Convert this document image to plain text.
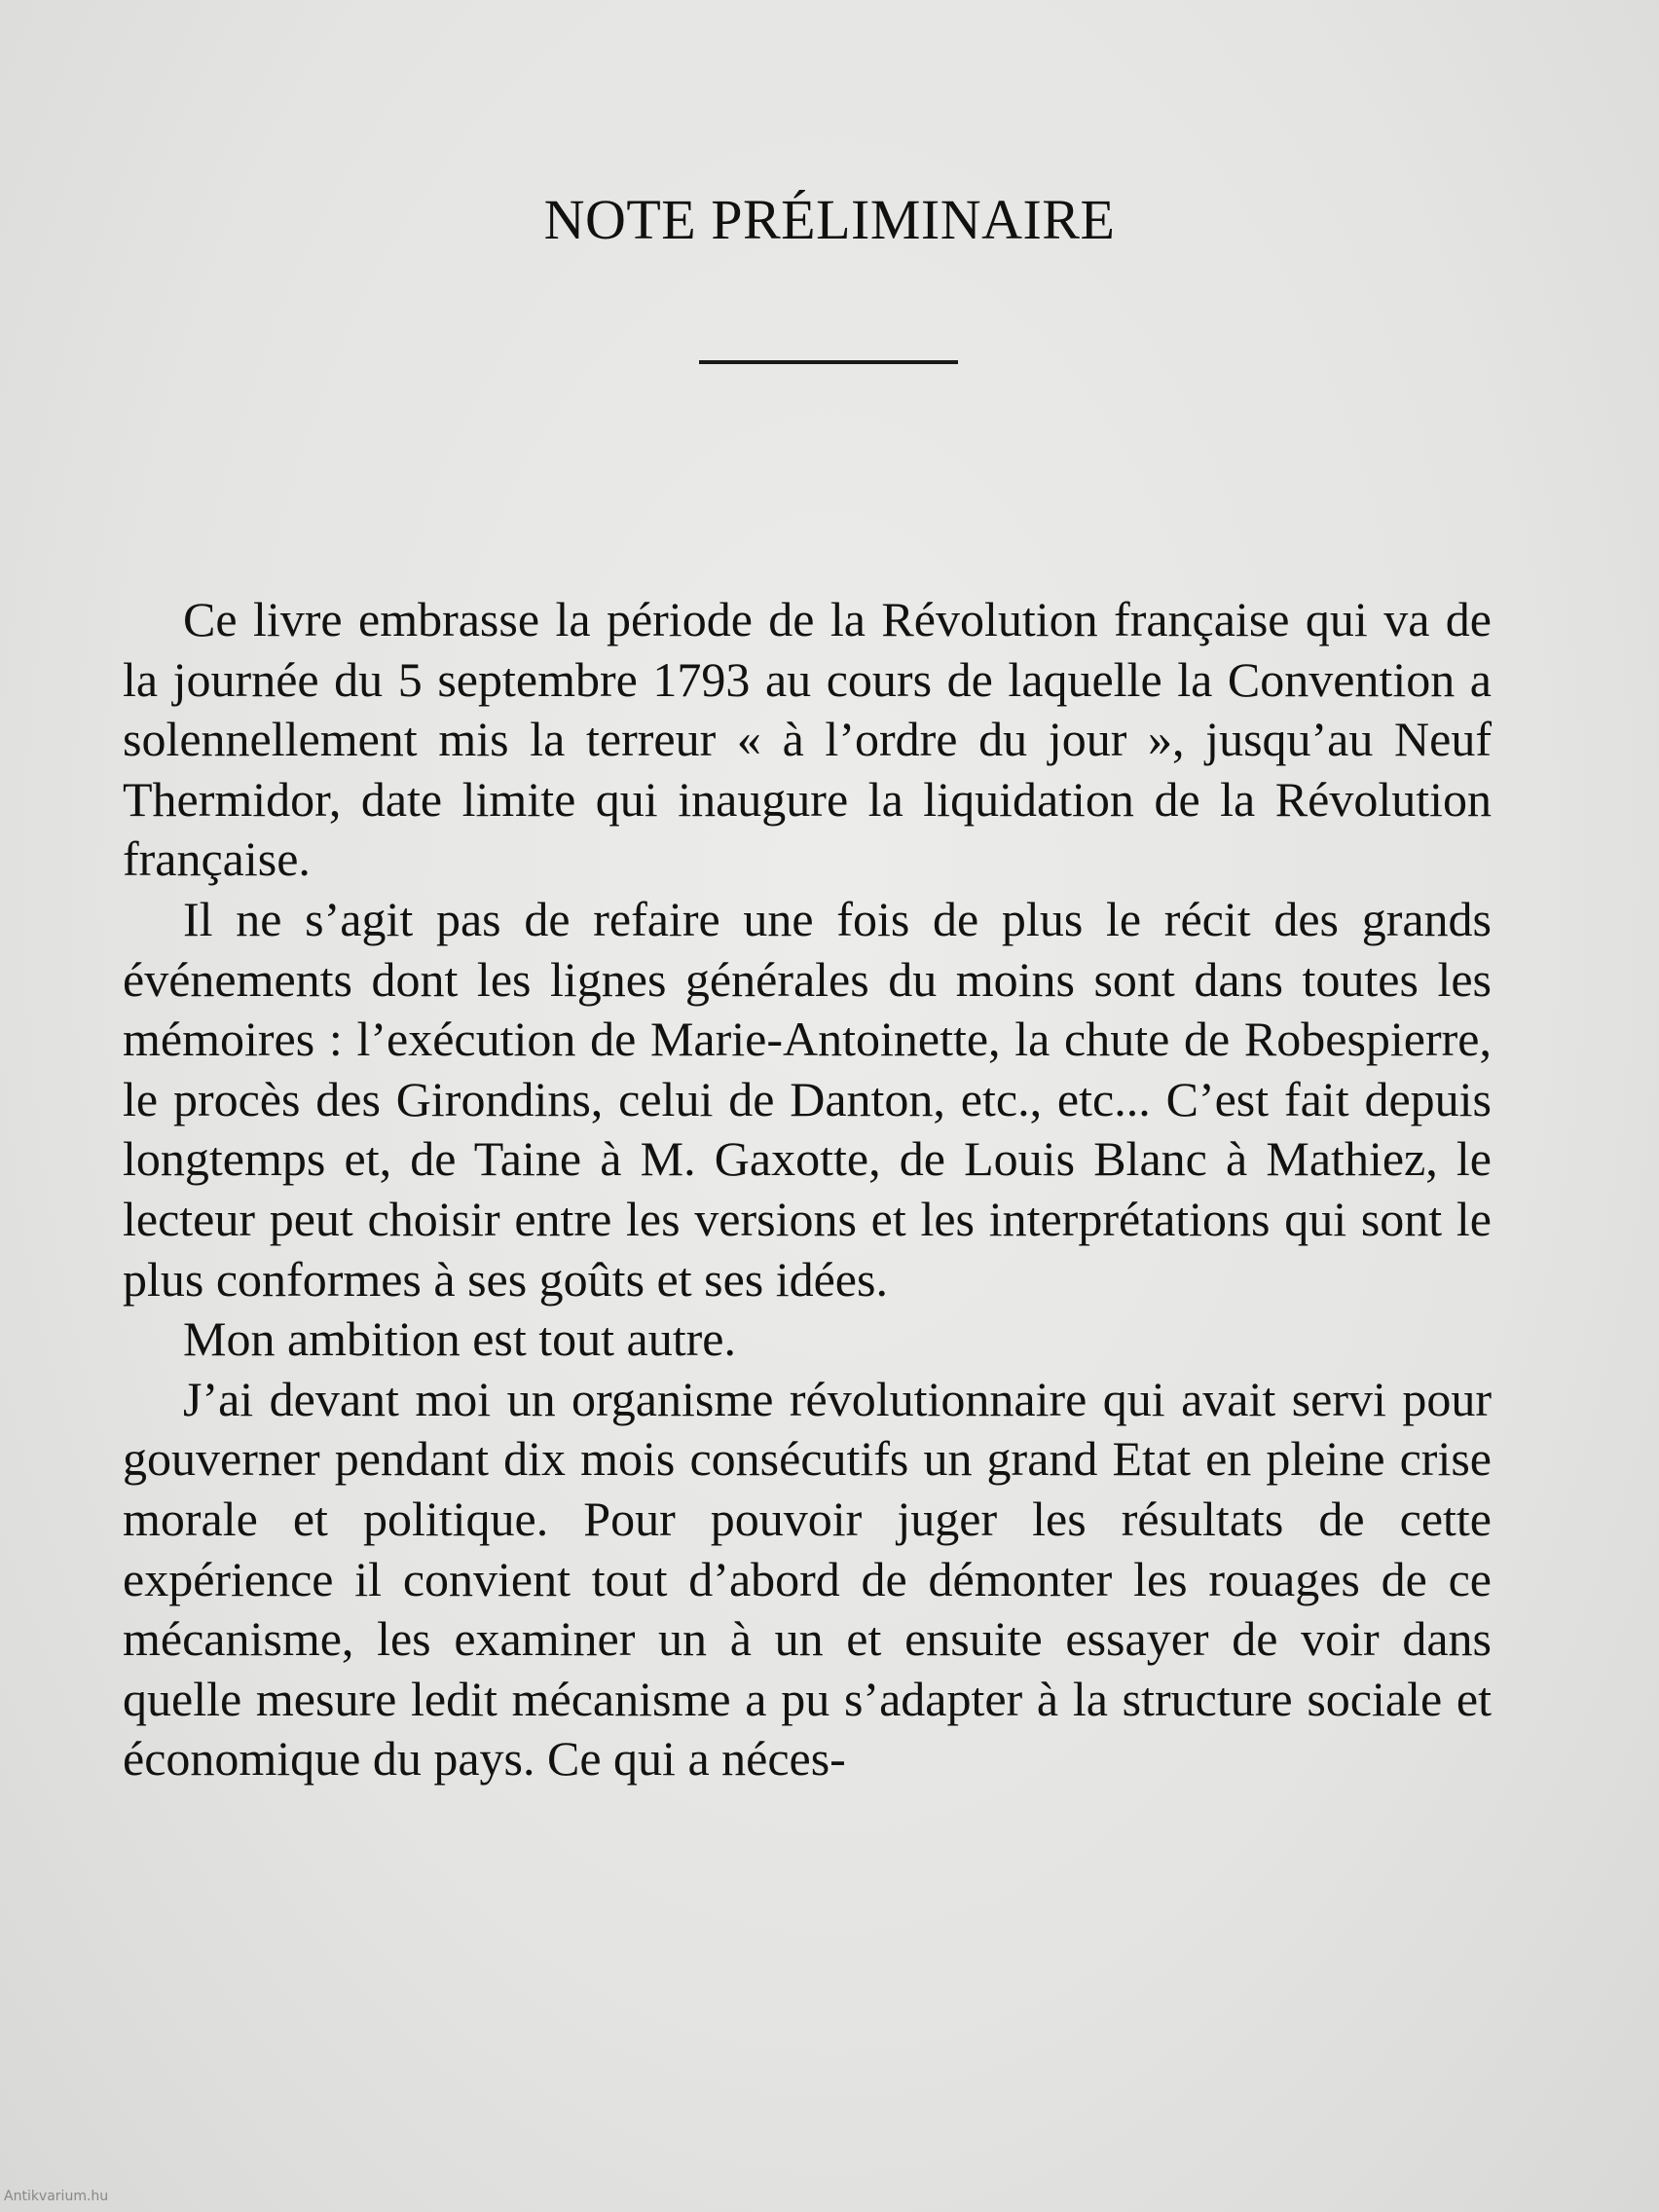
NOTE PRÉLIMINAIRE

Ce livre embrasse la période de la Révolution française qui va de la journée du 5 septembre 1793 au cours de laquelle la Convention a solennellement mis la terreur « à l’ordre du jour », jusqu’au Neuf Thermidor, date limite qui inaugure la liquidation de la Révolution française.

Il ne s’agit pas de refaire une fois de plus le récit des grands événements dont les lignes générales du moins sont dans toutes les mémoires : l’exécution de Marie-Antoinette, la chute de Robespierre, le procès des Girondins, celui de Danton, etc., etc... C’est fait depuis longtemps et, de Taine à M. Gaxotte, de Louis Blanc à Mathiez, le lecteur peut choisir entre les versions et les interprétations qui sont le plus conformes à ses goûts et ses idées.

Mon ambition est tout autre.

J’ai devant moi un organisme révolutionnaire qui avait servi pour gouverner pendant dix mois consécutifs un grand Etat en pleine crise morale et politique. Pour pouvoir juger les résultats de cette expérience il convient tout d’abord de démonter les rouages de ce mécanisme, les examiner un à un et ensuite essayer de voir dans quelle mesure ledit mécanisme a pu s’adapter à la structure sociale et économique du pays. Ce qui a néces-

Antikvarium.hu
